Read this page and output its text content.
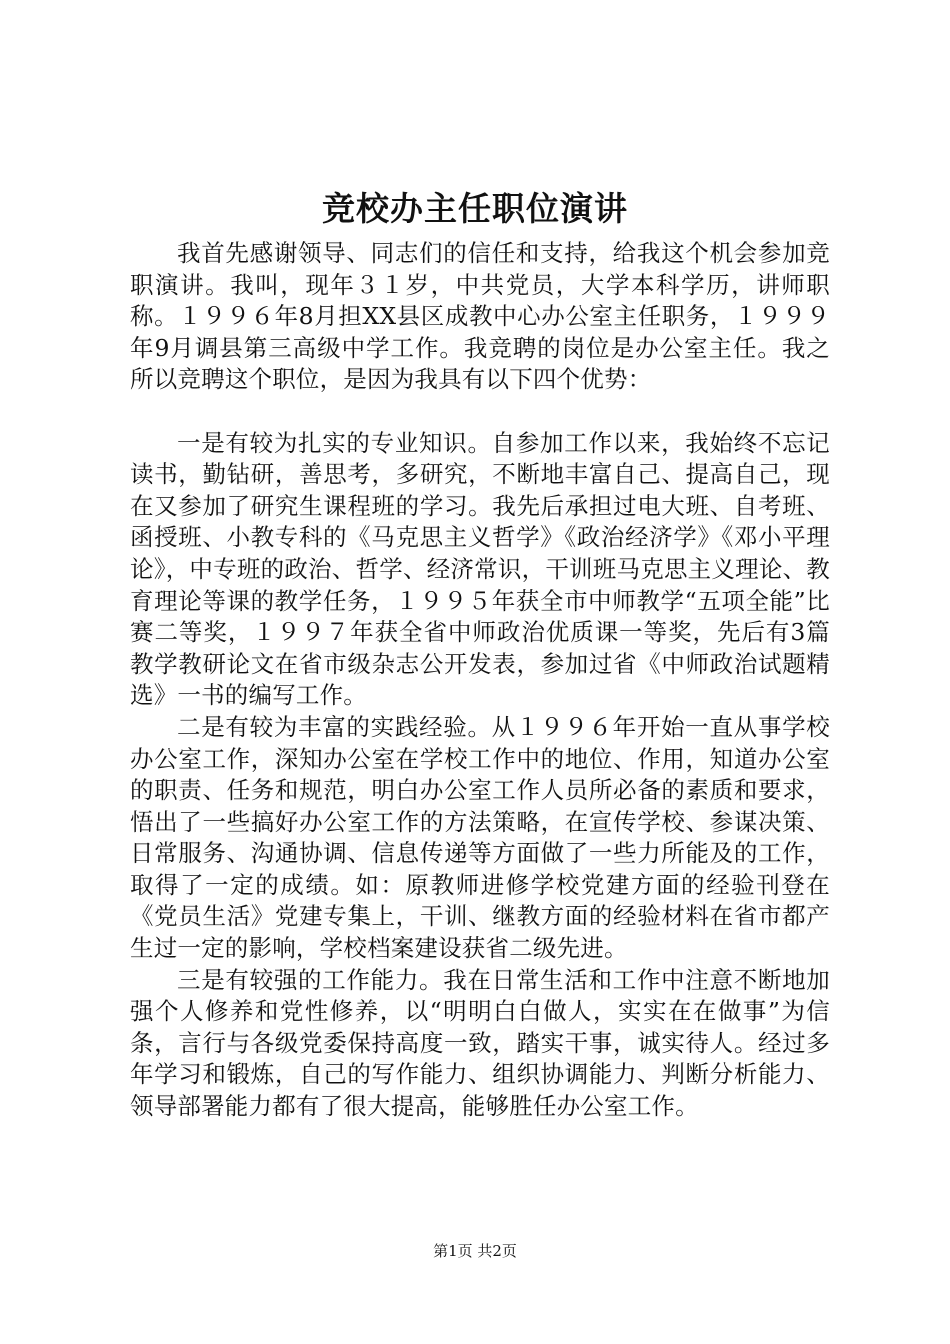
竞校办主任职位演讲

我首先感谢领导、同志们的信任和支持，给我这个机会参加竞职演讲。我叫，现年３１岁，中共党员，大学本科学历，讲师职称。１９９６年8月担XX县区成教中心办公室主任职务，１９９９年9月调县第三高级中学工作。我竞聘的岗位是办公室主任。我之所以竞聘这个职位，是因为我具有以下四个优势：

一是有较为扎实的专业知识。自参加工作以来，我始终不忘记读书，勤钻研，善思考，多研究，不断地丰富自己、提高自己，现在又参加了研究生课程班的学习。我先后承担过电大班、自考班、函授班、小教专科的《马克思主义哲学》《政治经济学》《邓小平理论》，中专班的政治、哲学、经济常识，干训班马克思主义理论、教育理论等课的教学任务，１９９５年获全市中师教学“五项全能”比赛二等奖，１９９７年获全省中师政治优质课一等奖，先后有3篇教学教研论文在省市级杂志公开发表，参加过省《中师政治试题精选》一书的编写工作。

二是有较为丰富的实践经验。从１９９６年开始一直从事学校办公室工作，深知办公室在学校工作中的地位、作用，知道办公室的职责、任务和规范，明白办公室工作人员所必备的素质和要求，悟出了一些搞好办公室工作的方法策略，在宣传学校、参谋决策、日常服务、沟通协调、信息传递等方面做了一些力所能及的工作，取得了一定的成绩。如：原教师进修学校党建方面的经验刊登在《党员生活》党建专集上，干训、继教方面的经验材料在省市都产生过一定的影响，学校档案建设获省二级先进。

三是有较强的工作能力。我在日常生活和工作中注意不断地加强个人修养和党性修养，以“明明白白做人，实实在在做事”为信条，言行与各级党委保持高度一致，踏实干事，诚实待人。经过多年学习和锻炼，自己的写作能力、组织协调能力、判断分析能力、领导部署能力都有了很大提高，能够胜任办公室工作。

第1页 共2页
